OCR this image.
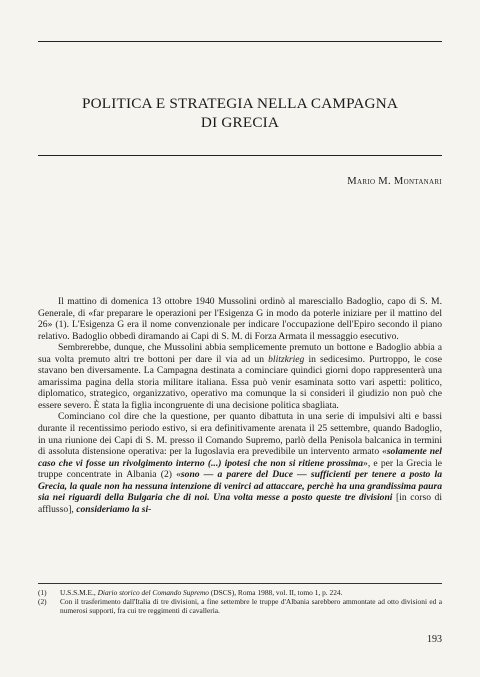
POLITICA E STRATEGIA NELLA CAMPAGNA
DI GRECIA
Mario M. Montanari

Il mattino di domenica 13 ottobre 1940 Mussolini ordinò al maresciallo Badoglio, capo di S. M. Generale, di «far preparare le operazioni per l'Esigenza G in modo da poterle iniziare per il mattino del 26» (1). L'Esigenza G era il nome convenzionale per indicare l'occupazione dell'Epiro secondo il piano relativo. Badoglio obbedì diramando ai Capi di S. M. di Forza Armata il messaggio esecutivo.

Sembrerebbe, dunque, che Mussolini abbia semplicemente premuto un bottone e Badoglio abbia a sua volta premuto altri tre bottoni per dare il via ad un blitzkrieg in sedicesimo. Purtroppo, le cose stavano ben diversamente. La Campagna destinata a cominciare quindici giorni dopo rappresenterà una amarissima pagina della storia militare italiana. Essa può venir esaminata sotto vari aspetti: politico, diplomatico, strategico, organizzativo, operativo ma comunque la si consideri il giudizio non può che essere severo. È stata la figlia incongruente di una decisione politica sbagliata.

Cominciano col dire che la questione, per quanto dibattuta in una serie di impulsivi alti e bassi durante il recentissimo periodo estivo, si era definitivamente arenata il 25 settembre, quando Badoglio, in una riunione dei Capi di S. M. presso il Comando Supremo, parlò della Penisola balcanica in termini di assoluta distensione operativa: per la Iugoslavia era prevedibile un intervento armato «solamente nel caso che vi fosse un rivolgimento interno (...) ipotesi che non si ritiene prossima», e per la Grecia le truppe concentrate in Albania (2) «sono — a parere del Duce — sufficienti per tenere a posto la Grecia, la quale non ha nessuna intenzione di venirci ad attaccare, perchè ha una grandissima paura sia nei riguardi della Bulgaria che di noi. Una volta messe a posto queste tre divisioni [in corso di afflusso], consideriamo la si-

(1)	U.S.S.M.E., Diario storico del Comando Supremo (DSCS), Roma 1988, vol. II, tomo 1, p. 224.
(2)	Con il trasferimento dall'Italia di tre divisioni, a fine settembre le truppe d'Albania sarebbero ammontate ad otto divisioni ed a numerosi supporti, fra cui tre reggimenti di cavalleria.
193
